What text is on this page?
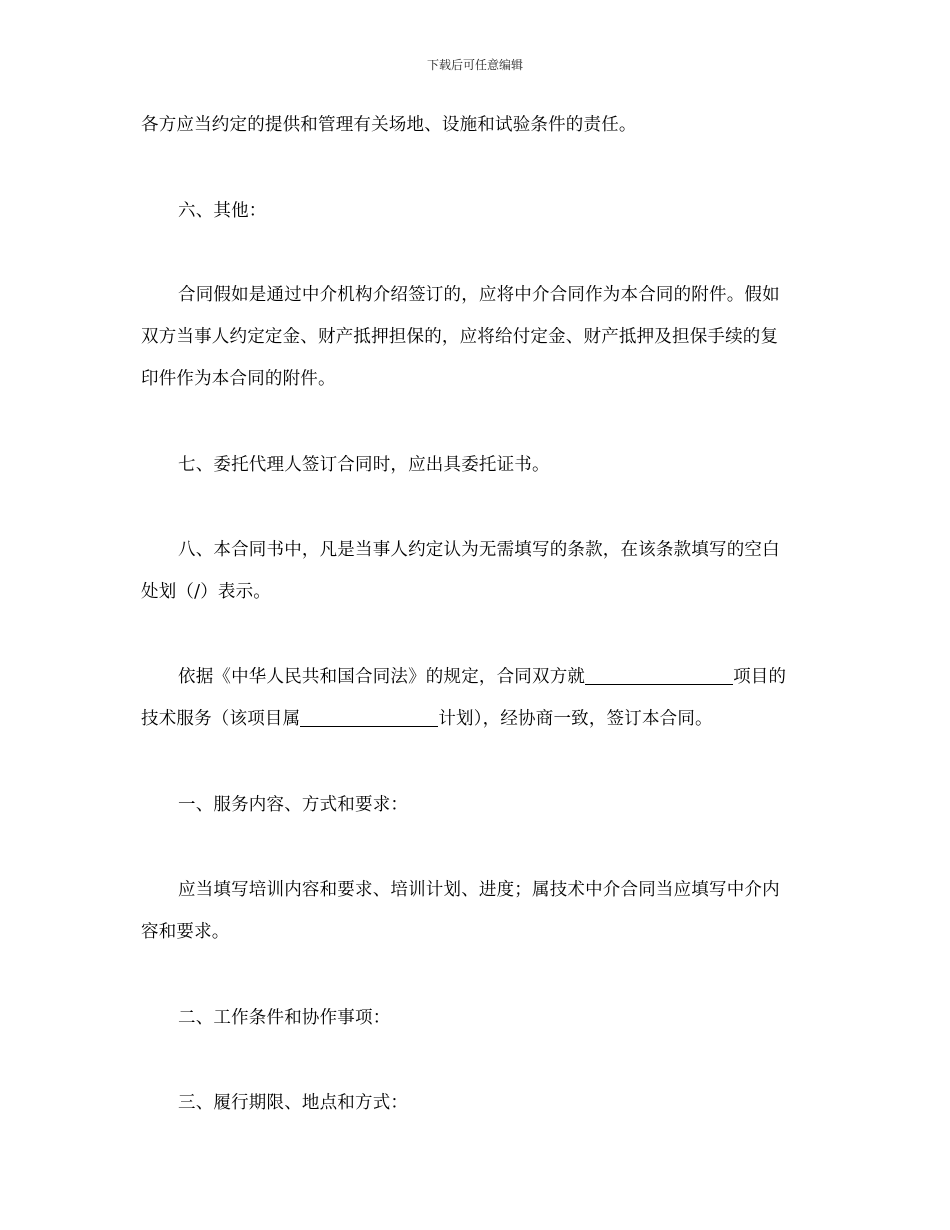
下载后可任意编辑
各方应当约定的提供和管理有关场地、设施和试验条件的责任。
六、其他：
合同假如是通过中介机构介绍签订的，应将中介合同作为本合同的附件。假如
双方当事人约定定金、财产抵押担保的，应将给付定金、财产抵押及担保手续的复
印件作为本合同的附件。
七、委托代理人签订合同时，应出具委托证书。
八、本合同书中，凡是当事人约定认为无需填写的条款，在该条款填写的空白
处划（/）表示。
依据《中华人民共和国合同法》的规定，合同双方就	项目的
技术服务（该项目属	计划），经协商一致，签订本合同。
一、服务内容、方式和要求：
应当填写培训内容和要求、培训计划、进度；属技术中介合同当应填写中介内
容和要求。
二、工作条件和协作事项：
三、履行期限、地点和方式：
